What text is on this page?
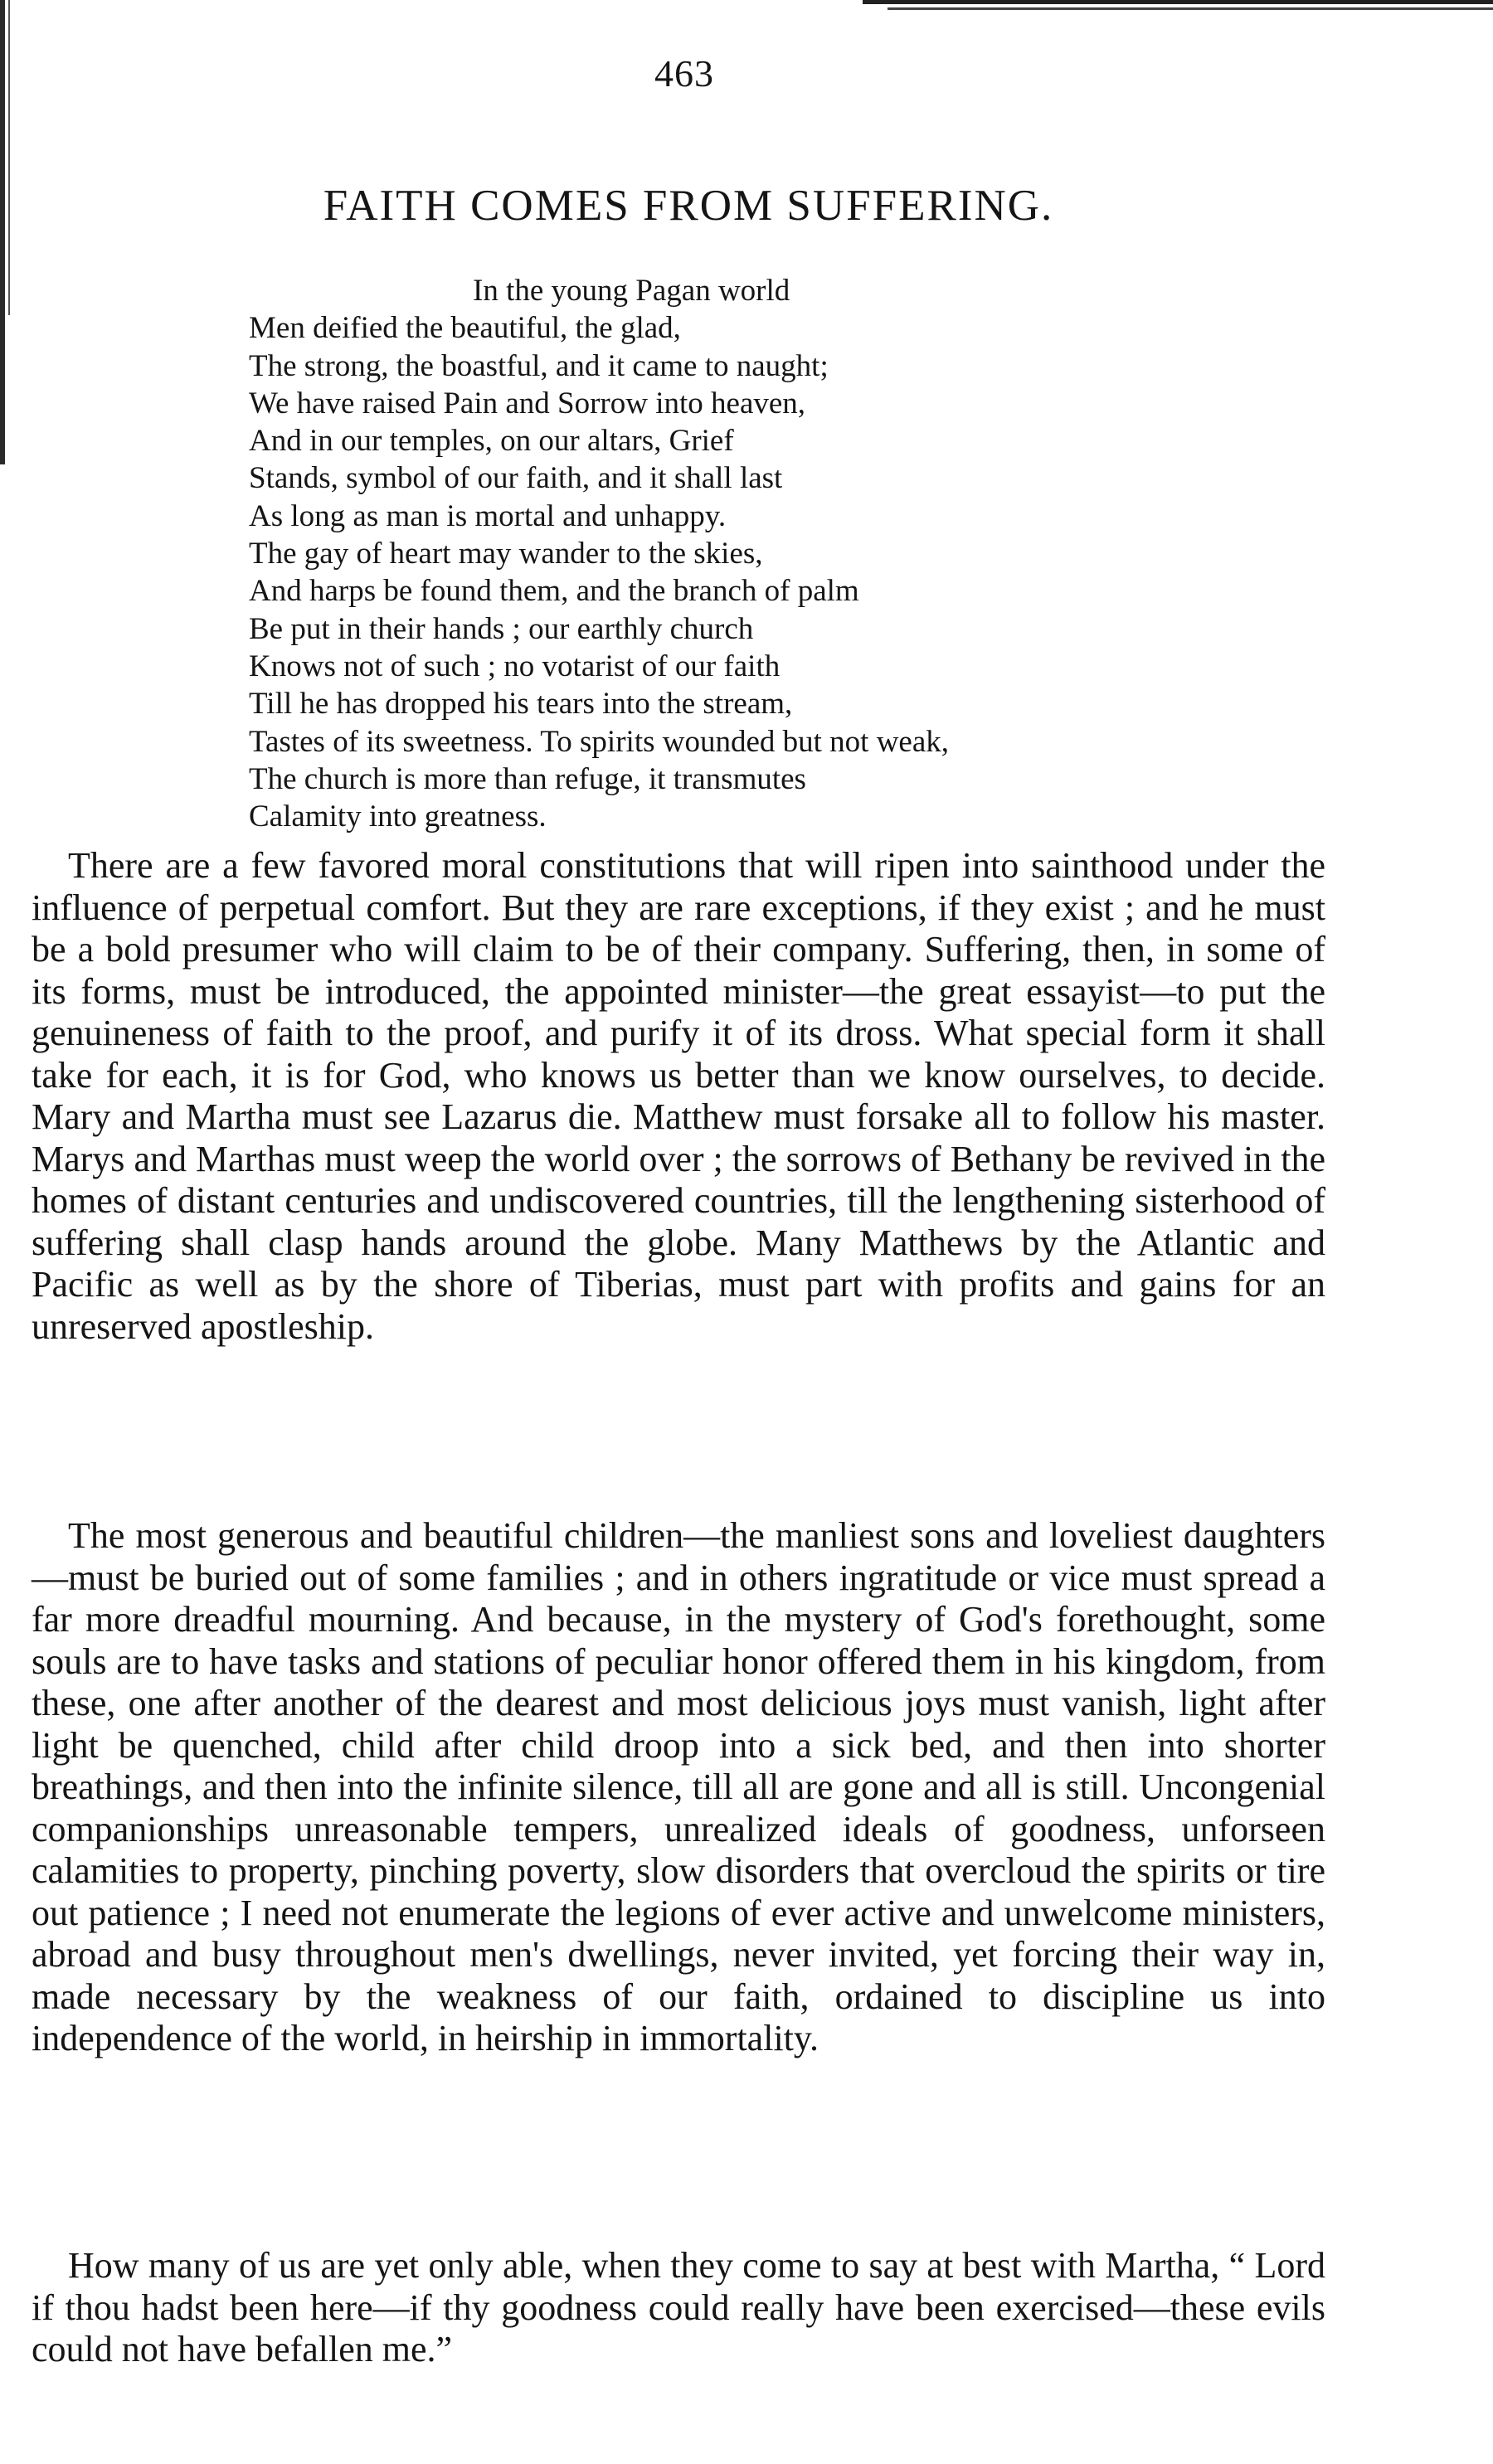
463
FAITH COMES FROM SUFFERING.
In the young Pagan world
Men deified the beautiful, the glad,
The strong, the boastful, and it came to naught;
We have raised Pain and Sorrow into heaven,
And in our temples, on our altars, Grief
Stands, symbol of our faith, and it shall last
As long as man is mortal and unhappy.
The gay of heart may wander to the skies,
And harps be found them, and the branch of palm
Be put in their hands ; our earthly church
Knows not of such ; no votarist of our faith
Till he has dropped his tears into the stream,
Tastes of its sweetness. To spirits wounded but not weak,
The church is more than refuge, it transmutes
Calamity into greatness.

There are a few favored moral constitutions that will ripen into sainthood under the influence of perpetual comfort. But they are rare exceptions, if they exist ; and he must be a bold presumer who will claim to be of their company. Suffering, then, in some of its forms, must be introduced, the appointed minister—the great essayist—to put the genuineness of faith to the proof, and purify it of its dross. What special form it shall take for each, it is for God, who knows us better than we know ourselves, to decide. Mary and Martha must see Lazarus die. Matthew must forsake all to follow his master. Marys and Marthas must weep the world over ; the sorrows of Bethany be revived in the homes of distant centuries and undiscovered countries, till the lengthening sisterhood of suffering shall clasp hands around the globe. Many Matthews by the Atlantic and Pacific as well as by the shore of Tiberias, must part with profits and gains for an unreserved apostleship.

The most generous and beautiful children—the manliest sons and loveliest daughters—must be buried out of some families ; and in others ingratitude or vice must spread a far more dreadful mourning. And because, in the mystery of God's forethought, some souls are to have tasks and stations of peculiar honor offered them in his kingdom, from these, one after another of the dearest and most delicious joys must vanish, light after light be quenched, child after child droop into a sick bed, and then into shorter breathings, and then into the infinite silence, till all are gone and all is still. Uncongenial companionships unreasonable tempers, unrealized ideals of goodness, unforseen calamities to property, pinching poverty, slow disorders that overcloud the spirits or tire out patience ; I need not enumerate the legions of ever active and unwelcome ministers, abroad and busy throughout men's dwellings, never invited, yet forcing their way in, made necessary by the weakness of our faith, ordained to discipline us into independence of the world, in heirship in immortality.

How many of us are yet only able, when they come to say at best with Martha, “ Lord if thou hadst been here—if thy goodness could really have been exercised—these evils could not have befallen me.”
